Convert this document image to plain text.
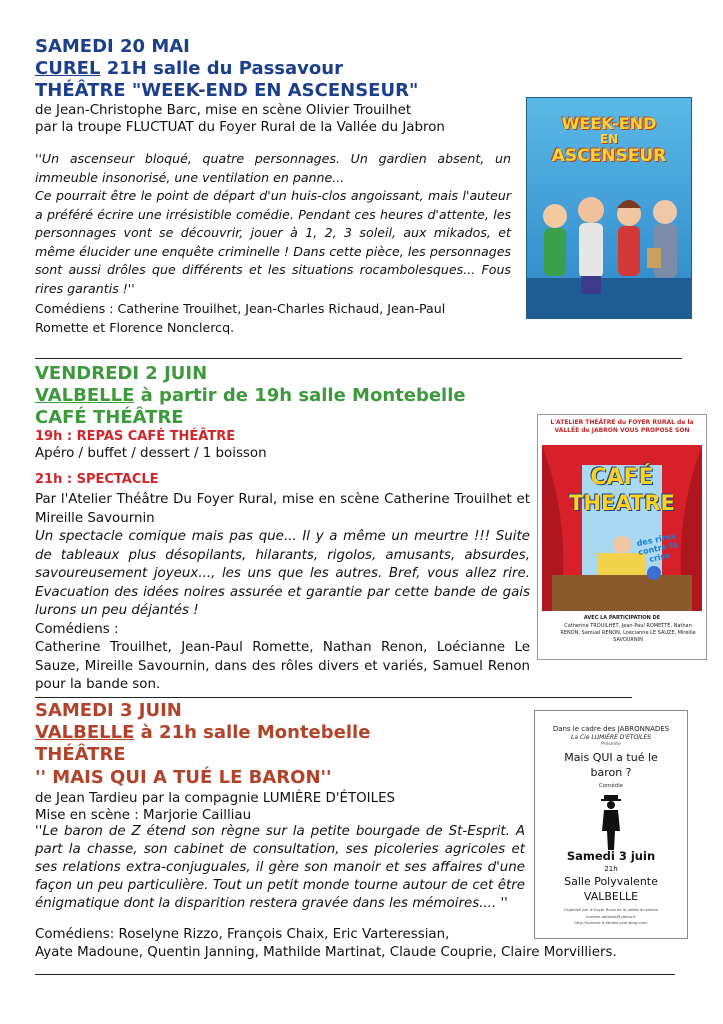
SAMEDI 20 MAI
CUREL 21H salle du Passavour
THÉÂTRE "WEEK-END EN ASCENSEUR"
de Jean-Christophe Barc, mise en scène Olivier Trouilhet
par la troupe FLUCTUAT du Foyer Rural de la Vallée du Jabron
''Un ascenseur bloqué, quatre personnages. Un gardien absent, un immeuble insonorisé, une ventilation en panne...
Ce pourrait être le point de départ d'un huis-clos angoissant, mais l'auteur a préféré écrire une irrésistible comédie. Pendant ces heures d'attente, les personnages vont se découvrir, jouer à 1, 2, 3 soleil, aux mikados, et même élucider une enquête criminelle ! Dans cette pièce, les personnages sont aussi drôles que différents et les situations rocambolesques... Fous rires garantis !''
Comédiens : Catherine Trouilhet, Jean-Charles Richaud, Jean-Paul Romette et Florence Nonclercq.
WEEK-END
EN
ASCENSEUR
VENDREDI 2 JUIN
VALBELLE à partir de 19h salle Montebelle
CAFÉ THÉÂTRE
19h : REPAS CAFÉ THÉÂTRE
Apéro / buffet / dessert / 1 boisson
21h : SPECTACLE
Par l'Atelier Théâtre Du Foyer Rural, mise en scène Catherine Trouilhet et Mireille Savournin
Un spectacle comique mais pas que... Il y a même un meurtre !!! Suite de tableaux plus désopilants, hilarants, rigolos, amusants, absurdes, savoureusement joyeux..., les uns que les autres. Bref, vous allez rire. Evacuation des idées noires assurée et garantie par cette bande de gais lurons un peu déjantés !
Comédiens :
Catherine Trouilhet, Jean-Paul Romette, Nathan Renon, Loécianne Le Sauze, Mireille Savournin, dans des rôles divers et variés, Samuel Renon pour la bande son.
L'ATELIER THÉÂTRE du FOYER RURAL de la VALLÉE de JABRON VOUS PROPOSE SON
CAFÉ
THEATRE
des rires contre la crise
AVEC LA PARTICIPATION DE
Catherine TROUILHET, Jean-Paul ROMETTE, Nathan RENON, Samuel RENON, Loécianne LE SAUZE, Mireille SAVOURNIN
SAMEDI 3 JUIN
VALBELLE à 21h salle Montebelle
THÉÂTRE
'' MAIS QUI A TUÉ LE BARON''
de Jean Tardieu par la compagnie LUMIÈRE D'ÉTOILES
Mise en scène : Marjorie Cailliau
''Le baron de Z étend son règne sur la petite bourgade de St-Esprit. A part la chasse, son cabinet de consultation, ses picoleries agricoles et ses relations extra-conjuguales, il gère son manoir et ses affaires d'une façon un peu particulière. Tout un petit monde tourne autour de cet être énigmatique dont la disparition restera gravée dans les mémoires.... ''
Comédiens: Roselyne Rizzo, François Chaix, Eric Varteressian,
Ayate Madoune, Quentin Janning, Mathilde Martinat, Claude Couprie, Claire Morvilliers.
Dans le cadre des JABRONNADES
La Cie LUMIÈRE D'ETOILES
Présente
Mais QUI a tué le baron ?
Comédie
Samedi 3 juin
21h
Salle Polyvalente
VALBELLE
Organisé par le Foyer Rural de la vallée du Jabron
lumiere.detoiles@yahoo.fr
http://lumiere-d-etoiles.over-blog.com/
